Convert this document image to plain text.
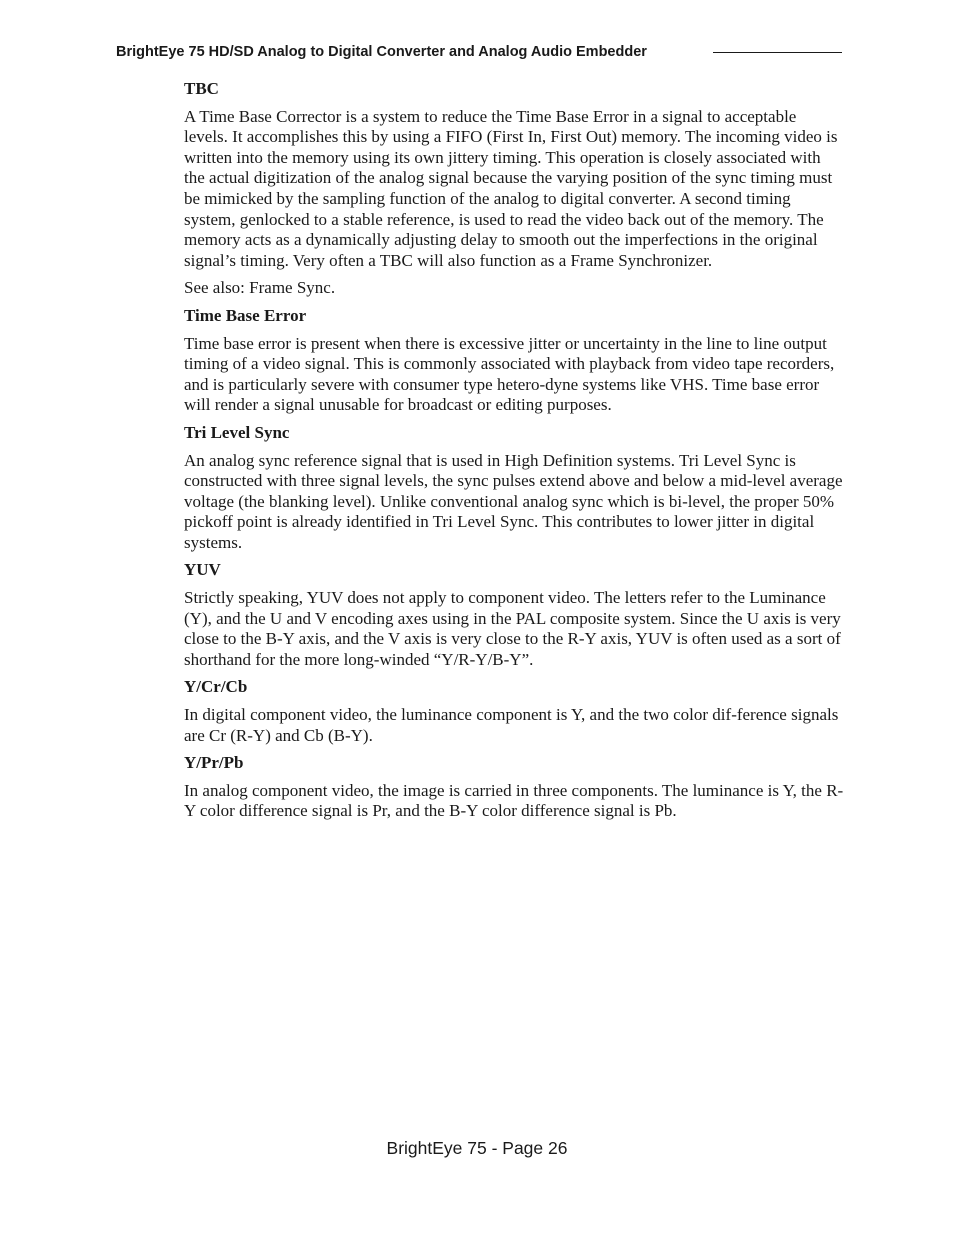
BrightEye 75 HD/SD Analog to Digital Converter and Analog Audio Embedder

TBC

A Time Base Corrector is a system to reduce the Time Base Error in a signal to acceptable levels. It accomplishes this by using a FIFO (First In, First Out) memory. The incoming video is written into the memory using its own jittery timing. This operation is closely associated with the actual digitization of the analog signal because the varying position of the sync timing must be mimicked by the sampling function of the analog to digital converter. A second timing system, genlocked to a stable reference, is used to read the video back out of the memory. The memory acts as a dynamically adjusting delay to smooth out the imperfections in the original signal’s timing. Very often a TBC will also function as a Frame Synchronizer.

See also: Frame Sync.

Time Base Error

Time base error is present when there is excessive jitter or uncertainty in the line to line output timing of a video signal. This is commonly associated with playback from video tape recorders, and is particularly severe with consumer type hetero-dyne systems like VHS. Time base error will render a signal unusable for broadcast or editing purposes.

Tri Level Sync

An analog sync reference signal that is used in High Definition systems. Tri Level Sync is constructed with three signal levels, the sync pulses extend above and below a mid-level average voltage (the blanking level). Unlike conventional analog sync which is bi-level, the proper 50% pickoff point is already identified in Tri Level Sync. This contributes to lower jitter in digital systems.

YUV

Strictly speaking, YUV does not apply to component video. The letters refer to the Luminance (Y), and the U and V encoding axes using in the PAL composite system. Since the U axis is very close to the B-Y axis, and the V axis is very close to the R-Y axis, YUV is often used as a sort of shorthand for the more long-winded “Y/R-Y/B-Y”.

Y/Cr/Cb

In digital component video, the luminance component is Y, and the two color dif-ference signals are Cr (R-Y) and Cb (B-Y).

Y/Pr/Pb

In analog component video, the image is carried in three components. The luminance is Y, the R-Y color difference signal is Pr, and the B-Y color difference signal is Pb.

BrightEye 75 - Page 26
